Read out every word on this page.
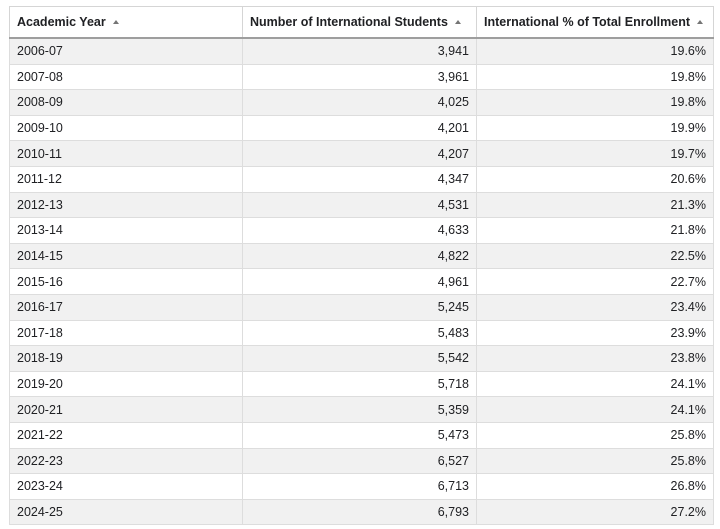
Academic Year	Number of International Students	International % of Total Enrollment
2006-07	3,941	19.6%
2007-08	3,961	19.8%
2008-09	4,025	19.8%
2009-10	4,201	19.9%
2010-11	4,207	19.7%
2011-12	4,347	20.6%
2012-13	4,531	21.3%
2013-14	4,633	21.8%
2014-15	4,822	22.5%
2015-16	4,961	22.7%
2016-17	5,245	23.4%
2017-18	5,483	23.9%
2018-19	5,542	23.8%
2019-20	5,718	24.1%
2020-21	5,359	24.1%
2021-22	5,473	25.8%
2022-23	6,527	25.8%
2023-24	6,713	26.8%
2024-25	6,793	27.2%
